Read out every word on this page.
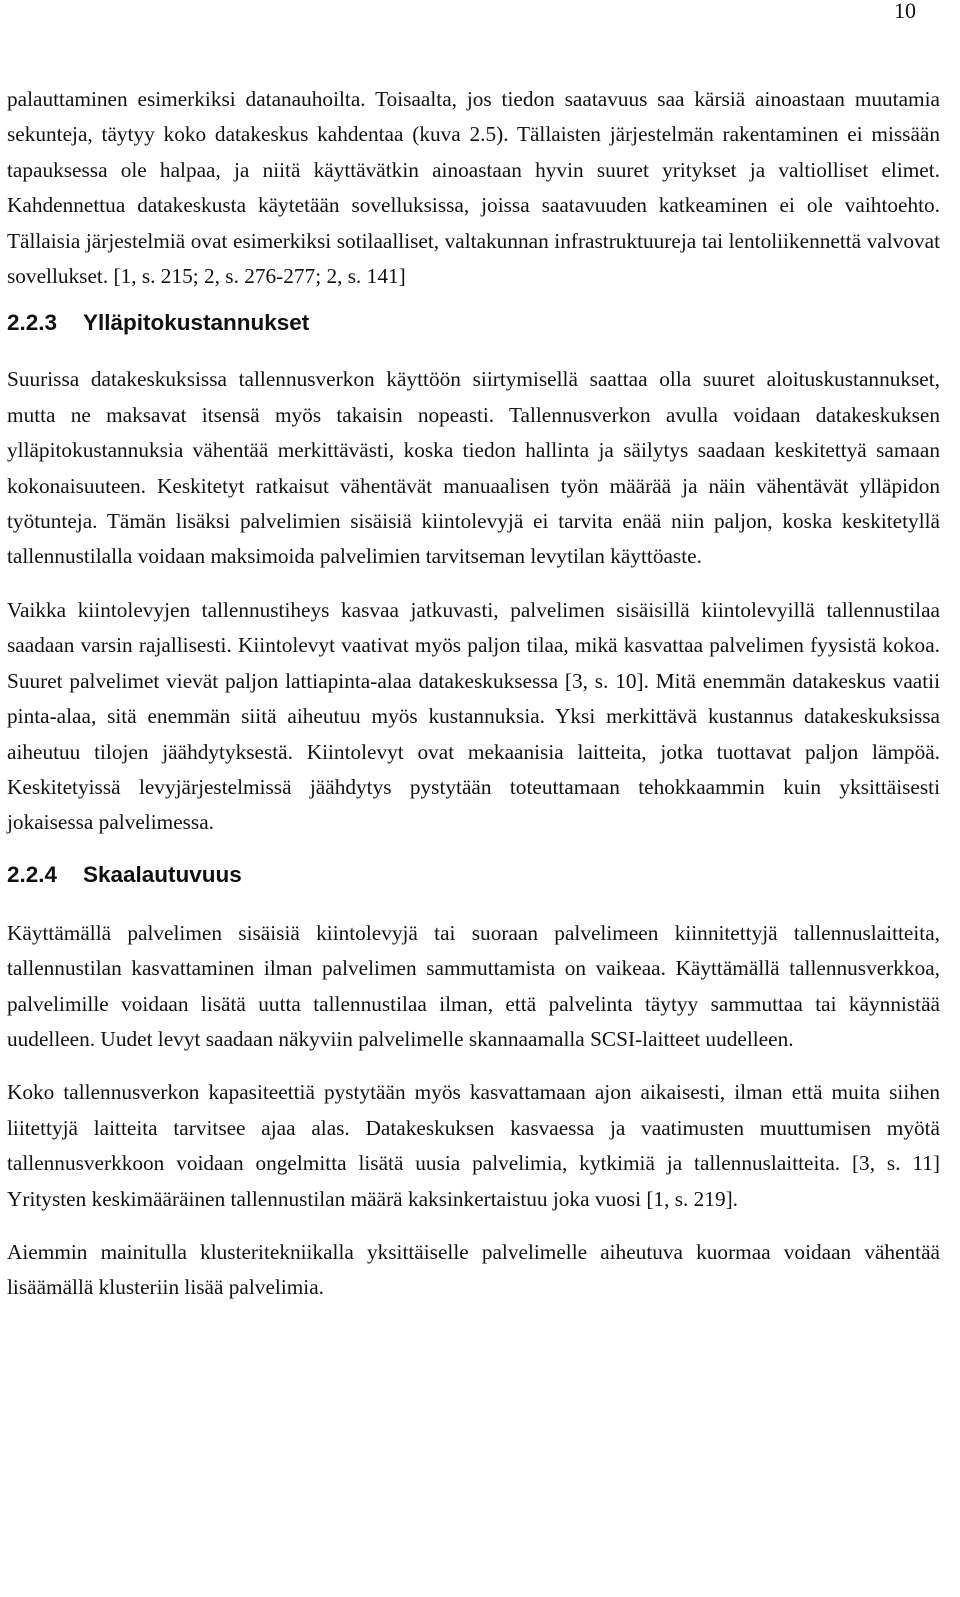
10

palauttaminen esimerkiksi datanauhoilta. Toisaalta, jos tiedon saatavuus saa kärsiä ainoastaan muutamia sekunteja, täytyy koko datakeskus kahdentaa (kuva 2.5). Tällaisten järjestelmän rakentaminen ei missään tapauksessa ole halpaa, ja niitä käyttävätkin ainoastaan hyvin suuret yritykset ja valtiolliset elimet. Kahdennettua datakeskusta käytetään sovelluksissa, joissa saatavuuden katkeaminen ei ole vaihtoehto. Tällaisia järjestelmiä ovat esimerkiksi sotilaalliset, valtakunnan infrastruktuureja tai lentoliikennettä valvovat sovellukset. [1, s. 215; 2, s. 276-277; 2, s. 141]

2.2.3 Ylläpitokustannukset

Suurissa datakeskuksissa tallennusverkon käyttöön siirtymisellä saattaa olla suuret aloituskustannukset, mutta ne maksavat itsensä myös takaisin nopeasti. Tallennusverkon avulla voidaan datakeskuksen ylläpitokustannuksia vähentää merkittävästi, koska tiedon hallinta ja säilytys saadaan keskitettyä samaan kokonaisuuteen. Keskitetyt ratkaisut vähentävät manuaalisen työn määrää ja näin vähentävät ylläpidon työtunteja. Tämän lisäksi palvelimien sisäisiä kiintolevyjä ei tarvita enää niin paljon, koska keskitetyllä tallennustilalla voidaan maksimoida palvelimien tarvitseman levytilan käyttöaste.

Vaikka kiintolevyjen tallennustiheys kasvaa jatkuvasti, palvelimen sisäisillä kiintolevyillä tallennustilaa saadaan varsin rajallisesti. Kiintolevyt vaativat myös paljon tilaa, mikä kasvattaa palvelimen fyysistä kokoa. Suuret palvelimet vievät paljon lattiapinta-alaa datakeskuksessa [3, s. 10]. Mitä enemmän datakeskus vaatii pinta-alaa, sitä enemmän siitä aiheutuu myös kustannuksia. Yksi merkittävä kustannus datakeskuksissa aiheutuu tilojen jäähdytyksestä. Kiintolevyt ovat mekaanisia laitteita, jotka tuottavat paljon lämpöä. Keskitetyissä levyjärjestelmissä jäähdytys pystytään toteuttamaan tehokkaammin kuin yksittäisesti jokaisessa palvelimessa.

2.2.4 Skaalautuvuus

Käyttämällä palvelimen sisäisiä kiintolevyjä tai suoraan palvelimeen kiinnitettyjä tallennuslaitteita, tallennustilan kasvattaminen ilman palvelimen sammuttamista on vaikeaa. Käyttämällä tallennusverkkoa, palvelimille voidaan lisätä uutta tallennustilaa ilman, että palvelinta täytyy sammuttaa tai käynnistää uudelleen. Uudet levyt saadaan näkyviin palvelimelle skannaamalla SCSI-laitteet uudelleen.

Koko tallennusverkon kapasiteettiä pystytään myös kasvattamaan ajon aikaisesti, ilman että muita siihen liitettyjä laitteita tarvitsee ajaa alas. Datakeskuksen kasvaessa ja vaatimusten muuttumisen myötä tallennusverkkoon voidaan ongelmitta lisätä uusia palvelimia, kytkimiä ja tallennuslaitteita. [3, s. 11] Yritysten keskimääräinen tallennustilan määrä kaksinkertaistuu joka vuosi [1, s. 219].

Aiemmin mainitulla klusteritekniikalla yksittäiselle palvelimelle aiheutuva kuormaa voidaan vähentää lisäämällä klusteriin lisää palvelimia.
